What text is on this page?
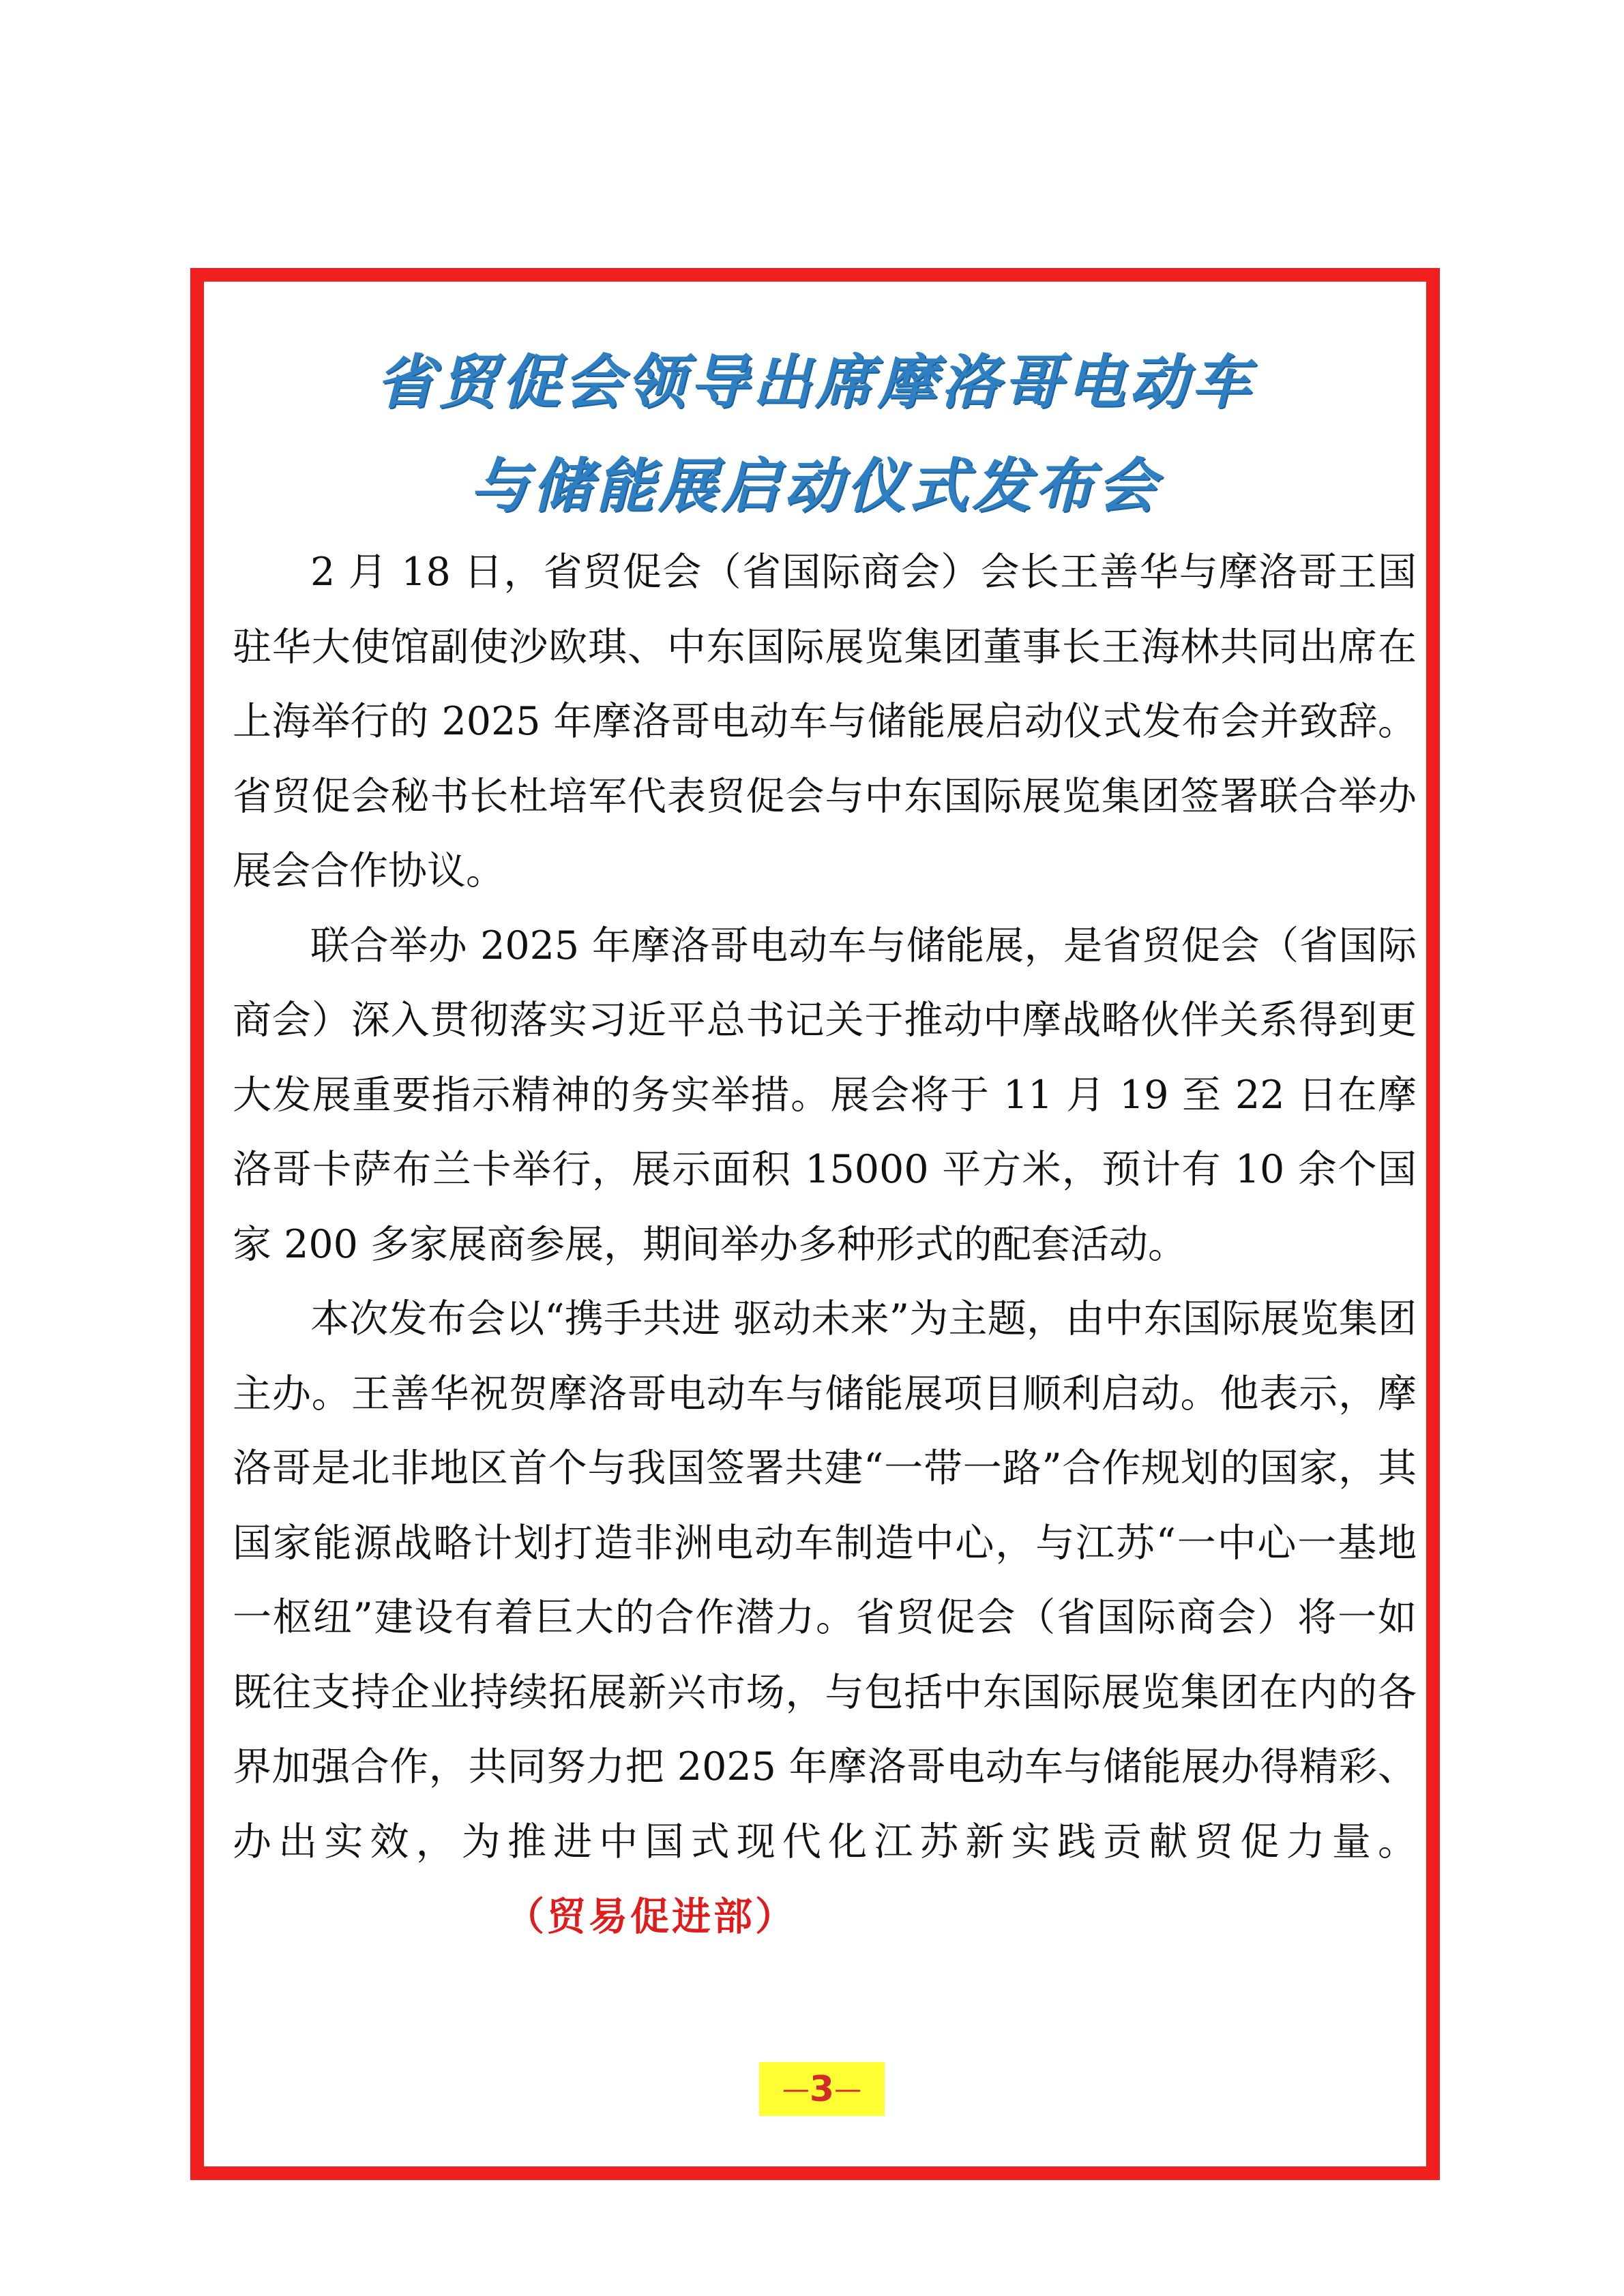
省贸促会领导出席摩洛哥电动车
与储能展启动仪式发布会

2 月 18 日，省贸促会（省国际商会）会长王善华与摩洛哥王国驻华大使馆副使沙欧琪、中东国际展览集团董事长王海林共同出席在上海举行的 2025 年摩洛哥电动车与储能展启动仪式发布会并致辞。省贸促会秘书长杜培军代表贸促会与中东国际展览集团签署联合举办展会合作协议。

联合举办 2025 年摩洛哥电动车与储能展，是省贸促会（省国际商会）深入贯彻落实习近平总书记关于推动中摩战略伙伴关系得到更大发展重要指示精神的务实举措。展会将于 11 月 19 至 22 日在摩洛哥卡萨布兰卡举行，展示面积 15000 平方米，预计有 10 余个国家 200 多家展商参展，期间举办多种形式的配套活动。

本次发布会以“携手共进 驱动未来”为主题，由中东国际展览集团主办。王善华祝贺摩洛哥电动车与储能展项目顺利启动。他表示，摩洛哥是北非地区首个与我国签署共建“一带一路”合作规划的国家，其国家能源战略计划打造非洲电动车制造中心，与江苏“一中心一基地一枢纽”建设有着巨大的合作潜力。省贸促会（省国际商会）将一如既往支持企业持续拓展新兴市场，与包括中东国际展览集团在内的各界加强合作，共同努力把 2025 年摩洛哥电动车与储能展办得精彩、办出实效，为推进中国式现代化江苏新实践贡献贸促力量。（贸易促进部）

— 3 —
